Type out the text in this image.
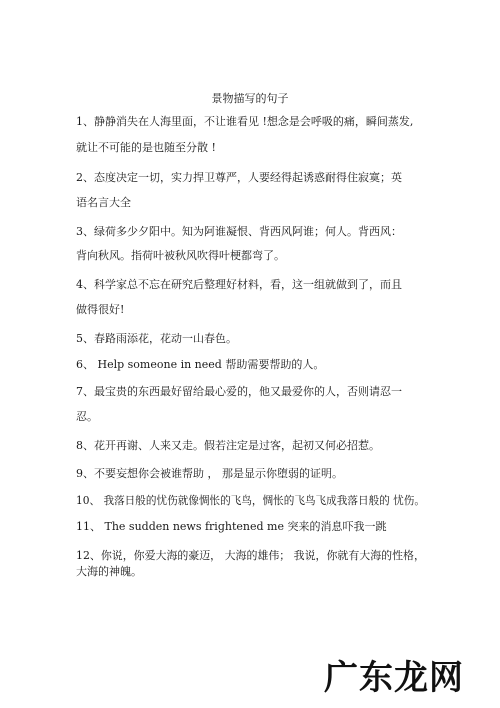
景物描写的句子
1、静静消失在人海里面，不让谁看见 !想念是会呼吸的痛，瞬间蒸发,
就让不可能的是也随至分散 !
2、态度决定一切，实力捍卫尊严，人要经得起诱惑耐得住寂寞；英
语名言大全
3、绿荷多少夕阳中。知为阿谁凝恨、背西风阿谁；何人。背西风：
背向秋风。指荷叶被秋风吹得叶梗都弯了。
4、科学家总不忘在研究后整理好材料，看，这一组就做到了，而且
做得很好!
5、春路雨添花，花动一山春色。
6、 Help someone in need 帮助需要帮助的人。
7、最宝贵的东西最好留给最心爱的，他又最爱你的人，否则请忍一
忍。
8、花开再谢、人来又走。假若注定是过客，起初又何必招惹。
9、不要妄想你会被谁帮助 ， 那是显示你堕弱的证明。
10、 我落日般的忧伤就像惆怅的飞鸟，惆怅的飞鸟飞成我落日般的 忧伤。
11、 The sudden news frightened me 突来的消息吓我一跳
12、你说，你爱大海的豪迈， 大海的雄伟； 我说，你就有大海的性格，
大海的神魄。
广东龙网
